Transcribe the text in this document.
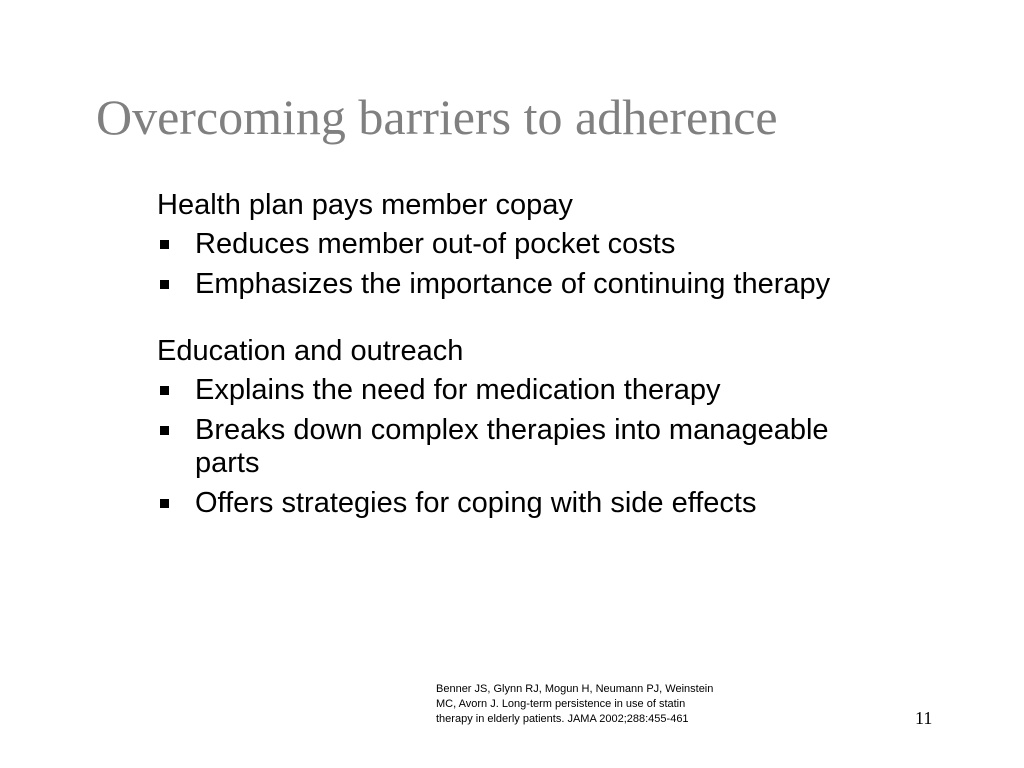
Overcoming barriers to adherence

Health plan pays member copay

Reduces member out-of pocket costs
Emphasizes the importance of continuing therapy

Education and outreach

Explains the need for medication therapy
Breaks down complex therapies into manageable parts
Offers strategies for coping with side effects

Benner JS, Glynn RJ, Mogun H, Neumann PJ, Weinstein

MC, Avorn J. Long-term persistence in use of statin

therapy in elderly patients. JAMA 2002;288:455-461	11
